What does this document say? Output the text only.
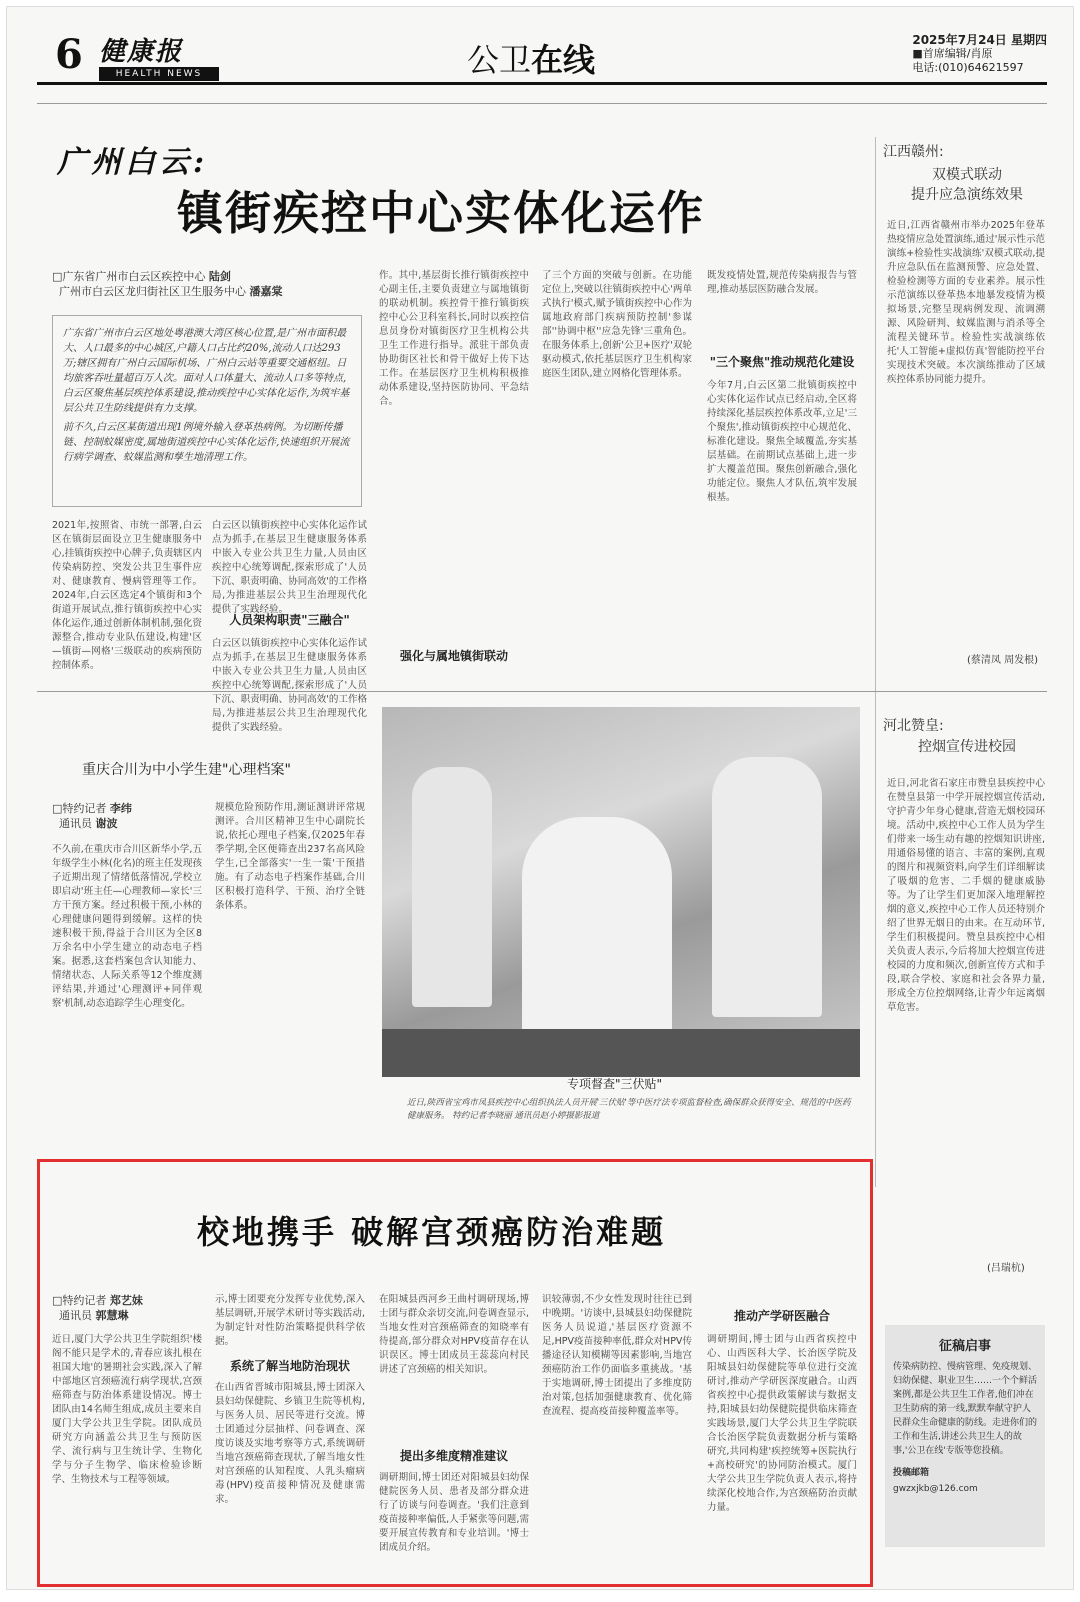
6 健康报
HEALTH NEWS	公卫在线
2025年7月24日 星期四
■首席编辑/肖原
电话:(010)64621597
广州白云:
镇街疾控中心实体化运作
□广东省广州市白云区疾控中心 陆剑
广州市白云区龙归街社区卫生服务中心 潘嘉棠
广东省广州市白云区地处粤港澳大湾区核心位置,是广州市面积最大、人口最多的中心城区,户籍人口占比约20%,流动人口达293万;辖区拥有广州白云国际机场、广州白云站等重要交通枢纽。日均旅客吞吐量超百万人次。面对人口体量大、流动人口多等特点,白云区聚焦基层疾控体系建设,推动疾控中心实体化运作,为筑牢基层公共卫生防线提供有力支撑。
前不久,白云区某街道出现1例境外输入登革热病例。为切断传播链、控制蚊媒密度,属地街道疾控中心实体化运作,快速组织开展流行病学调查、蚊媒监测和孳生地清理工作。
2021年,按照省、市统一部署,白云区在镇街层面设立卫生健康服务中心,挂镇街疾控中心牌子,负责辖区内传染病防控、突发公共卫生事件应对、健康教育、慢病管理等工作。2024年,白云区选定4个镇街和3个街道开展试点,推行镇街疾控中心实体化运作,通过创新体制机制,强化资源整合,推动专业队伍建设,构建'区—镇街—网格'三级联动的疾病预防控制体系。
白云区以镇街疾控中心实体化运作试点为抓手,在基层卫生健康服务体系中嵌入专业公共卫生力量,人员由区疾控中心统筹调配,探索形成了'人员下沉、职责明确、协同高效'的工作格局,为推进基层公共卫生治理现代化提供了实践经验。
人员架构职责"三融合"
白云区以镇街疾控中心实体化运作试点为抓手,在基层卫生健康服务体系中嵌入专业公共卫生力量,人员由区疾控中心统筹调配,探索形成了'人员下沉、职责明确、协同高效'的工作格局,为推进基层公共卫生治理现代化提供了实践经验。
作。其中,基层街长推行镇街疾控中心副主任,主要负责建立与属地镇街的联动机制。疾控骨干推行镇街疾控中心公卫科室科长,同时以疾控信息员身份对镇街医疗卫生机构公共卫生工作进行指导。派驻干部负责协助街区社长和骨干做好上传下达工作。在基层医疗卫生机构积极推动体系建设,坚持医防协同、平急结合。
强化与属地镇街联动
了三个方面的突破与创新。在功能定位上,突破以往镇街疾控中心'两单式执行'模式,赋予镇街疾控中心作为属地政府部门疾病预防控制'参谋部''协调中枢''应急先锋'三重角色。在服务体系上,创新'公卫+医疗'双轮驱动模式,依托基层医疗卫生机构家庭医生团队,建立网格化管理体系。
既发疫情处置,规范传染病报告与管理,推动基层医防融合发展。
"三个聚焦"推动规范化建设
今年7月,白云区第二批镇街疾控中心实体化运作试点已经启动,全区将持续深化基层疾控体系改革,立足'三个聚焦',推动镇街疾控中心规范化、标准化建设。聚焦全域覆盖,夯实基层基础。在前期试点基础上,进一步扩大覆盖范围。聚焦创新融合,强化功能定位。聚焦人才队伍,筑牢发展根基。
江西赣州:
双模式联动
提升应急演练效果
近日,江西省赣州市举办2025年登革热疫情应急处置演练,通过'展示性示范演练+检验性实战演练'双模式联动,提升应急队伍在监测预警、应急处置、检验检测等方面的专业素养。展示性示范演练以登革热本地暴发疫情为模拟场景,完整呈现病例发现、流调溯源、风险研判、蚊媒监测与消杀等全流程关键环节。检验性实战演练依托'人工智能+虚拟仿真'智能防控平台实现技术突破。本次演练推动了区域疾控体系协同能力提升。
(蔡清凤 周发根)
河北赞皇:
控烟宣传进校园
近日,河北省石家庄市赞皇县疾控中心在赞皇县第一中学开展控烟宣传活动,守护青少年身心健康,营造无烟校园环境。活动中,疾控中心工作人员为学生们带来一场生动有趣的控烟知识讲座,用通俗易懂的语言、丰富的案例,直观的图片和视频资料,向学生们详细解读了吸烟的危害、二手烟的健康威胁等。为了让学生们更加深入地理解控烟的意义,疾控中心工作人员还特别介绍了世界无烟日的由来。在互动环节,学生们积极提问。赞皇县疾控中心相关负责人表示,今后将加大控烟宣传进校园的力度和频次,创新宣传方式和手段,联合学校、家庭和社会各界力量,形成全方位控烟网络,让青少年远离烟草危害。
(吕瑞杭)
重庆合川为中小学生建"心理档案"
□特约记者 李纬
通讯员 谢波
不久前,在重庆市合川区新华小学,五年级学生小林(化名)的班主任发现孩子近期出现了情绪低落情况,学校立即启动'班主任—心理教师—家长'三方干预方案。经过积极干预,小林的心理健康问题得到缓解。这样的快速积极干预,得益于合川区为全区8万余名中小学生建立的动态电子档案。据悉,这套档案包含认知能力、情绪状态、人际关系等12个维度测评结果,并通过'心理测评+同伴观察'机制,动态追踪学生心理变化。
规模危险预防作用,测证测讲评常规测评。合川区精神卫生中心副院长说,依托心理电子档案,仅2025年春季学期,全区便筛查出237名高风险学生,已全部落实'一生一策'干预措施。有了动态电子档案作基础,合川区积极打造科学、干预、治疗全链条体系。
专项督查"三伏贴"
近日,陕西省宝鸡市凤县疾控中心组织执法人员开展'三伏贴'等中医疗法专项监督检查,确保群众获得安全、规范的中医药健康服务。 特约记者李晓丽 通讯员赵小婷摄影报道
校地携手 破解宫颈癌防治难题
□特约记者 郑艺妹
通讯员 郭慧琳
近日,厦门大学公共卫生学院组织'楼阁不能只是学术的,青春应该扎根在祖国大地'的暑期社会实践,深入了解中部地区宫颈癌流行病学现状,宫颈癌筛查与防治体系建设情况。博士团队由14名师生组成,成员主要来自厦门大学公共卫生学院。团队成员研究方向涵盖公共卫生与预防医学、流行病与卫生统计学、生物化学与分子生物学、临床检验诊断学、生物技术与工程等领域。
示,博士团要充分发挥专业优势,深入基层调研,开展学术研讨等实践活动,为制定针对性防治策略提供科学依据。
系统了解当地防治现状
在山西省晋城市阳城县,博士团深入县妇幼保健院、乡镇卫生院等机构,与医务人员、居民等进行交流。博士团通过分层抽样、问卷调查、深度访谈及实地考察等方式,系统调研当地宫颈癌筛查现状,了解当地女性对宫颈癌的认知程度、人乳头瘤病毒(HPV)疫苗接种情况及健康需求。
在阳城县西河乡王曲村调研现场,博士团与群众亲切交流,问卷调查显示,当地女性对宫颈癌筛查的知晓率有待提高,部分群众对HPV疫苗存在认识误区。博士团成员王蕊蕊向村民讲述了宫颈癌的相关知识。
提出多维度精准建议
调研期间,博士团还对阳城县妇幼保健院医务人员、患者及部分群众进行了访谈与问卷调查。'我们注意到疫苗接种率偏低,人手紧张等问题,需要开展宣传教育和专业培训。'博士团成员介绍。
识较薄弱,不少女性发现时往往已到中晚期。'访谈中,县城县妇幼保健院医务人员说道,'基层医疗资源不足,HPV疫苗接种率低,群众对HPV传播途径认知模糊等因素影响,当地宫颈癌防治工作仍面临多重挑战。'基于实地调研,博士团提出了多维度防治对策,包括加强健康教育、优化筛查流程、提高疫苗接种覆盖率等。
推动产学研医融合
调研期间,博士团与山西省疾控中心、山西医科大学、长治医学院及阳城县妇幼保健院等单位进行交流研讨,推动产学研医深度融合。山西省疾控中心提供政策解读与数据支持,阳城县妇幼保健院提供临床筛查实践场景,厦门大学公共卫生学院联合长治医学院负责数据分析与策略研究,共同构建'疾控统筹+医院执行+高校研究'的协同防治模式。厦门大学公共卫生学院负责人表示,将持续深化校地合作,为宫颈癌防治贡献力量。
征稿启事
传染病防控、慢病管理、免疫规划、妇幼保健、职业卫生……一个个鲜活案例,都是公共卫生工作者,他们冲在卫生防病的第一线,默默奉献守护人民群众生命健康的防线。走进你们的工作和生活,讲述公共卫生人的故事,'公卫在线'专版等您投稿。
投稿邮箱
gwzxjkb@126.com
